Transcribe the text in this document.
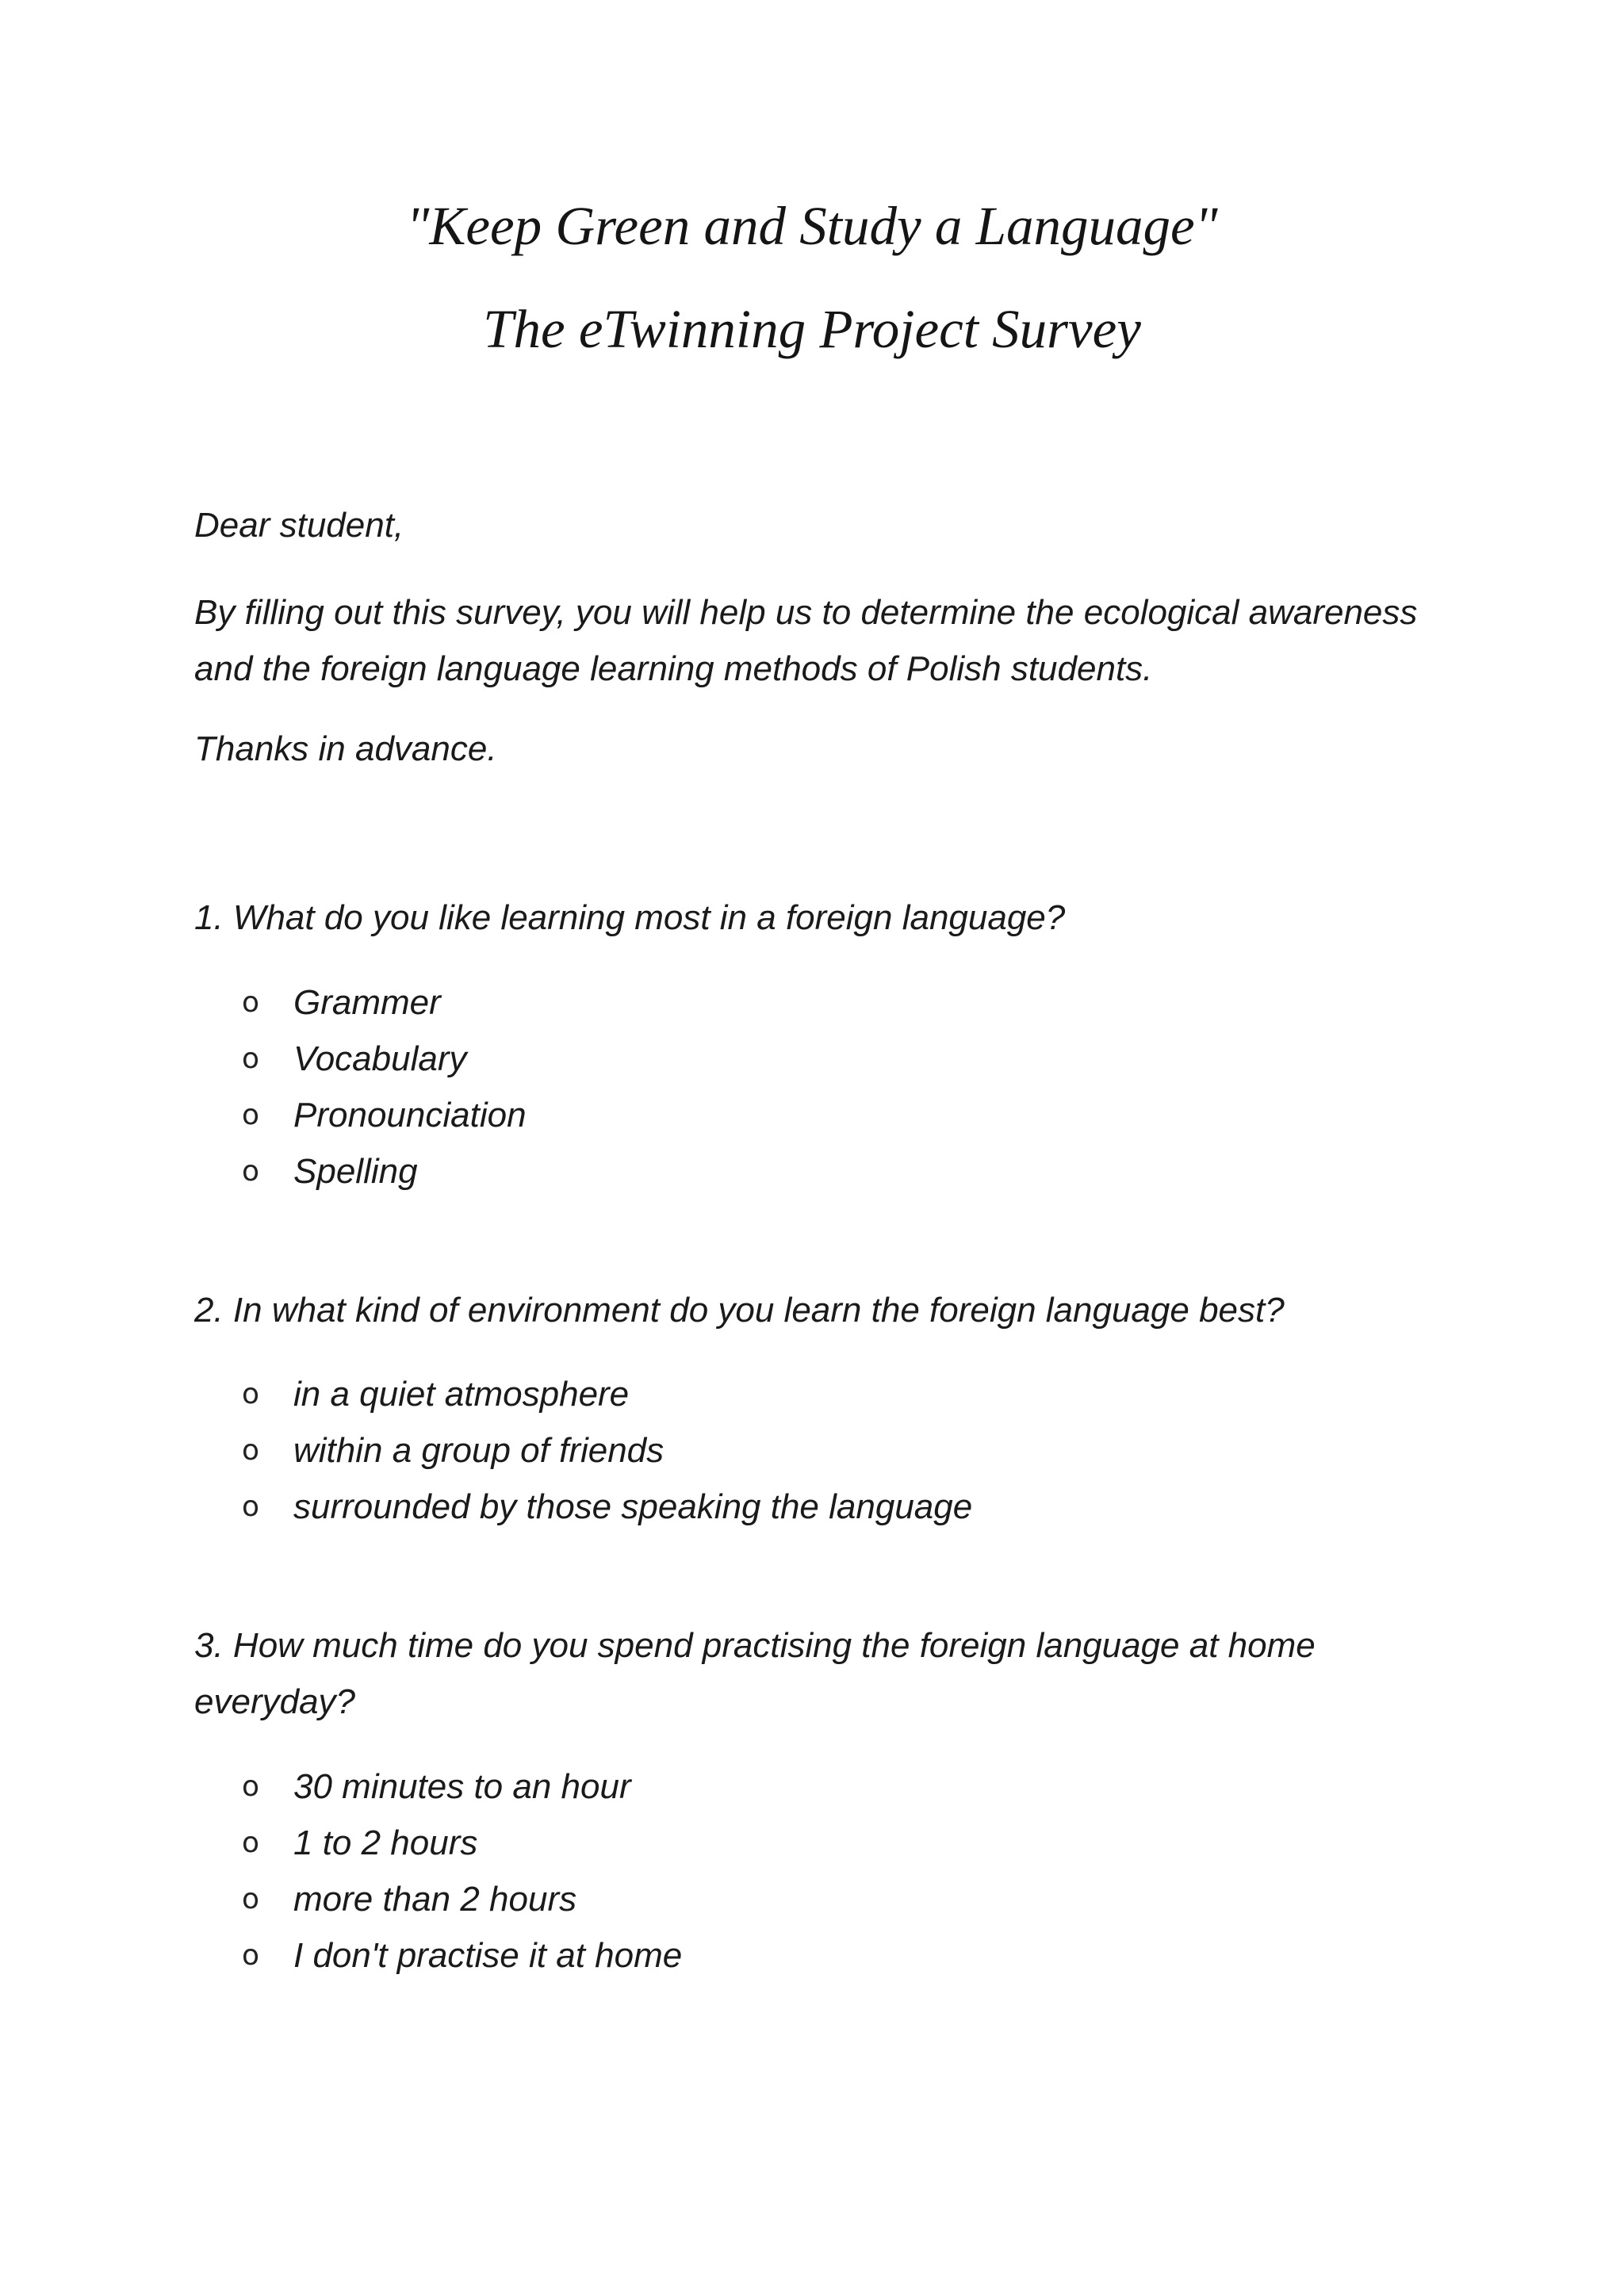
"Keep Green and Study a Language"
The eTwinning Project Survey

Dear student,

By filling out this survey, you will help us to determine the ecological awareness and the foreign language learning methods of Polish students.

Thanks in advance.

1. What do you like learning most in a foreign language?

o Grammer
o Vocabulary
o Pronounciation
o Spelling

2. In what kind of environment do you learn the foreign language best?

o in a quiet atmosphere
o within a group of friends
o surrounded by those speaking the language

3. How much time do you spend practising the foreign language at home everyday?

o 30 minutes to an hour
o 1 to 2 hours
o more than 2 hours
o I don't practise it at home
